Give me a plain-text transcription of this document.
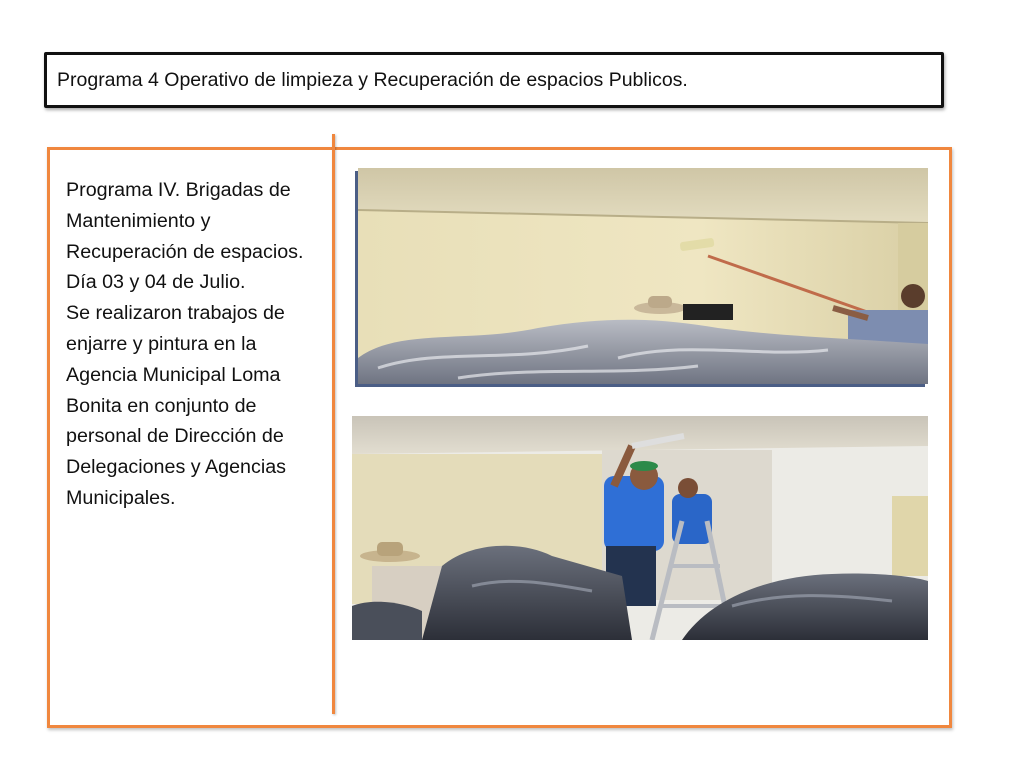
Programa 4 Operativo de limpieza y Recuperación de espacios Publicos.

Programa IV. Brigadas de Mantenimiento y Recuperación de espacios.

Día 03 y 04 de Julio.

Se realizaron trabajos de enjarre y pintura en la Agencia Municipal Loma Bonita en conjunto de personal de Dirección de Delegaciones y Agencias Municipales.
